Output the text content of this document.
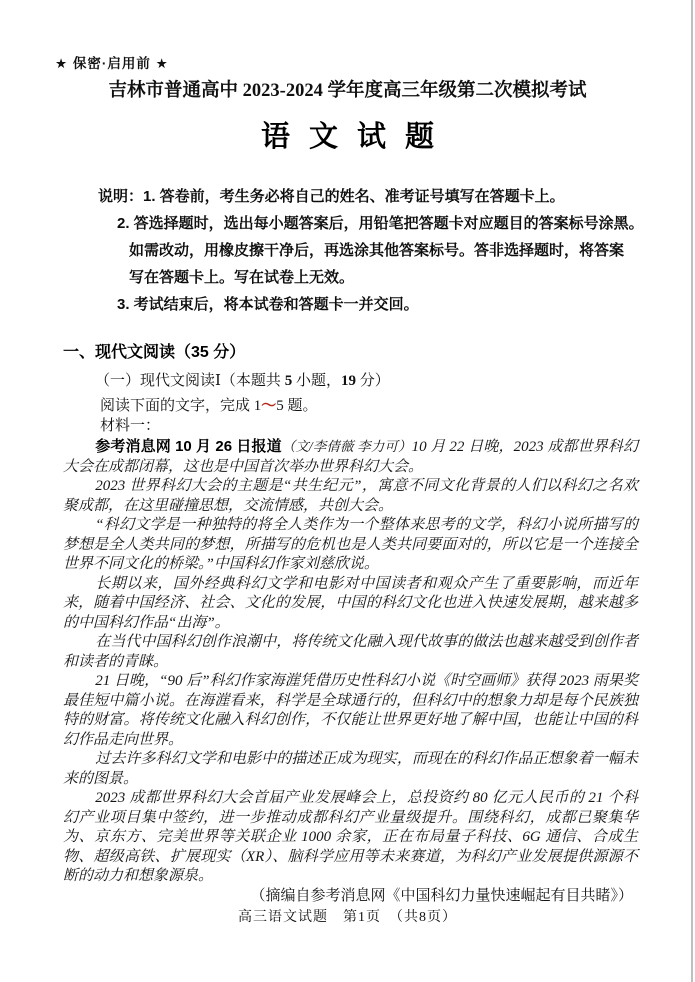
★ 保密·启用前 ★
吉林市普通高中 2023-2024 学年度高三年级第二次模拟考试
语文试题
说明：1. 答卷前，考生务必将自己的姓名、准考证号填写在答题卡上。
2. 答选择题时，选出每小题答案后，用铅笔把答题卡对应题目的答案标号涂黑。
如需改动，用橡皮擦干净后，再选涂其他答案标号。答非选择题时，将答案
写在答题卡上。写在试卷上无效。
3. 考试结束后，将本试卷和答题卡一并交回。
一、现代文阅读（35 分）
（一）现代文阅读Ⅰ（本题共 5 小题，19 分）
阅读下面的文字，完成 1～5 题。
材料一：

参考消息网 10 月 26 日报道（文/李倩薇 李力可）10 月 22 日晚，2023 成都世界科幻大会在成都闭幕，这也是中国首次举办世界科幻大会。

2023 世界科幻大会的主题是“共生纪元”，寓意不同文化背景的人们以科幻之名欢聚成都，在这里碰撞思想，交流情感，共创大会。

“科幻文学是一种独特的将全人类作为一个整体来思考的文学，科幻小说所描写的梦想是全人类共同的梦想，所描写的危机也是人类共同要面对的，所以它是一个连接全世界不同文化的桥梁。”中国科幻作家刘慈欣说。

长期以来，国外经典科幻文学和电影对中国读者和观众产生了重要影响，而近年来，随着中国经济、社会、文化的发展，中国的科幻文化也进入快速发展期，越来越多的中国科幻作品“出海”。

在当代中国科幻创作浪潮中，将传统文化融入现代故事的做法也越来越受到创作者和读者的青睐。

21 日晚，“90 后”科幻作家海漄凭借历史性科幻小说《时空画师》获得 2023 雨果奖最佳短中篇小说。在海漄看来，科学是全球通行的，但科幻中的想象力却是每个民族独特的财富。将传统文化融入科幻创作，不仅能让世界更好地了解中国，也能让中国的科幻作品走向世界。

过去许多科幻文学和电影中的描述正成为现实，而现在的科幻作品正想象着一幅未来的图景。

2023 成都世界科幻大会首届产业发展峰会上，总投资约 80 亿元人民币的 21 个科幻产业项目集中签约，进一步推动成都科幻产业量级提升。围绕科幻，成都已聚集华为、京东方、完美世界等关联企业 1000 余家，正在布局量子科技、6G 通信、合成生物、超级高铁、扩展现实（XR）、脑科学应用等未来赛道，为科幻产业发展提供源源不断的动力和想象源泉。

（摘编自参考消息网《中国科幻力量快速崛起有目共睹》）
高三语文试题　第1页　（共8页）
